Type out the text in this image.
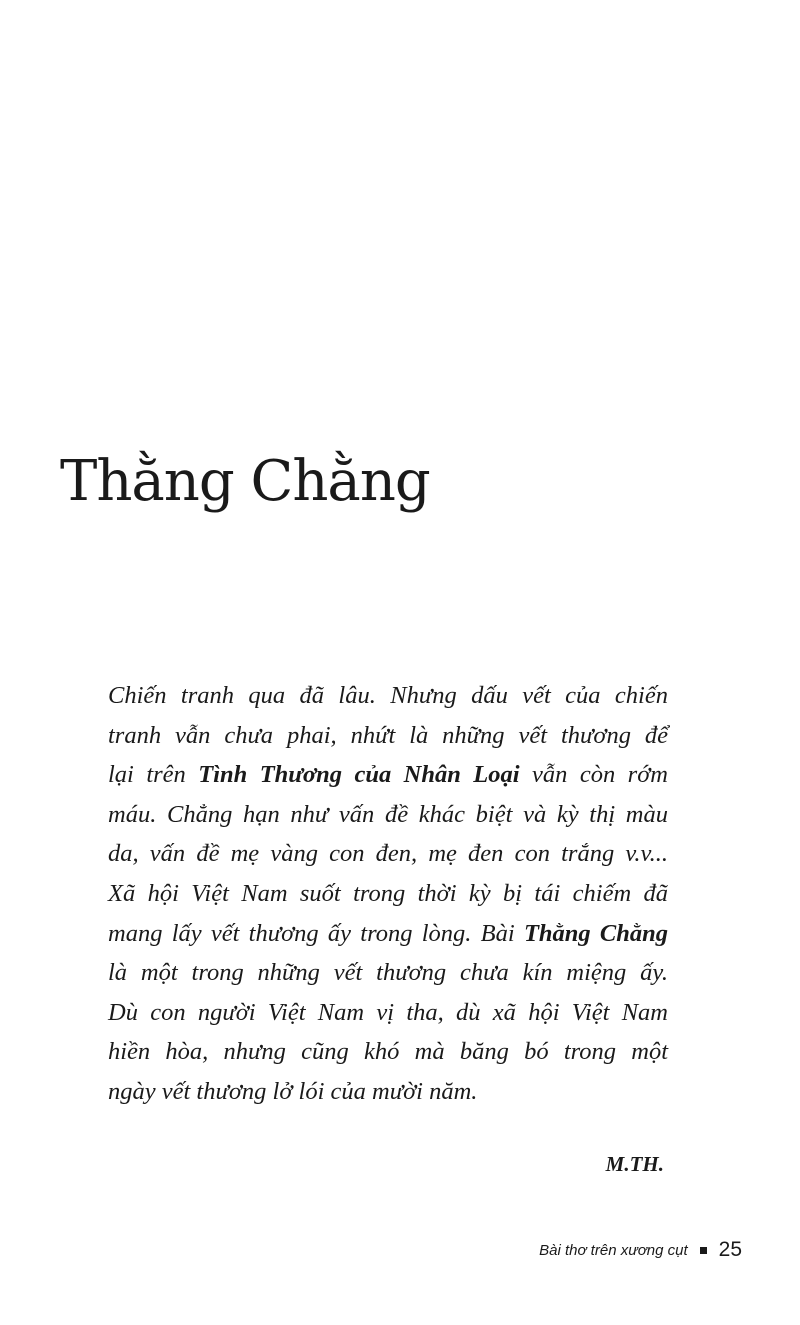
Thằng Chằng
Chiến tranh qua đã lâu. Nhưng dấu vết của chiến
tranh vẫn chưa phai, nhứt là những vết thương để
lại trên Tình Thương của Nhân Loại vẫn còn rớm
máu. Chẳng hạn như vấn đề khác biệt và kỳ thị màu
da, vấn đề mẹ vàng con đen, mẹ đen con trắng v.v...
Xã hội Việt Nam suốt trong thời kỳ bị tái chiếm đã
mang lấy vết thương ấy trong lòng. Bài Thằng Chằng
là một trong những vết thương chưa kín miệng ấy.
Dù con người Việt Nam vị tha, dù xã hội Việt Nam
hiền hòa, nhưng cũng khó mà băng bó trong một
ngày vết thương lở lói của mười năm.

M.TH.

Bài thơ trên xương cụt 25
